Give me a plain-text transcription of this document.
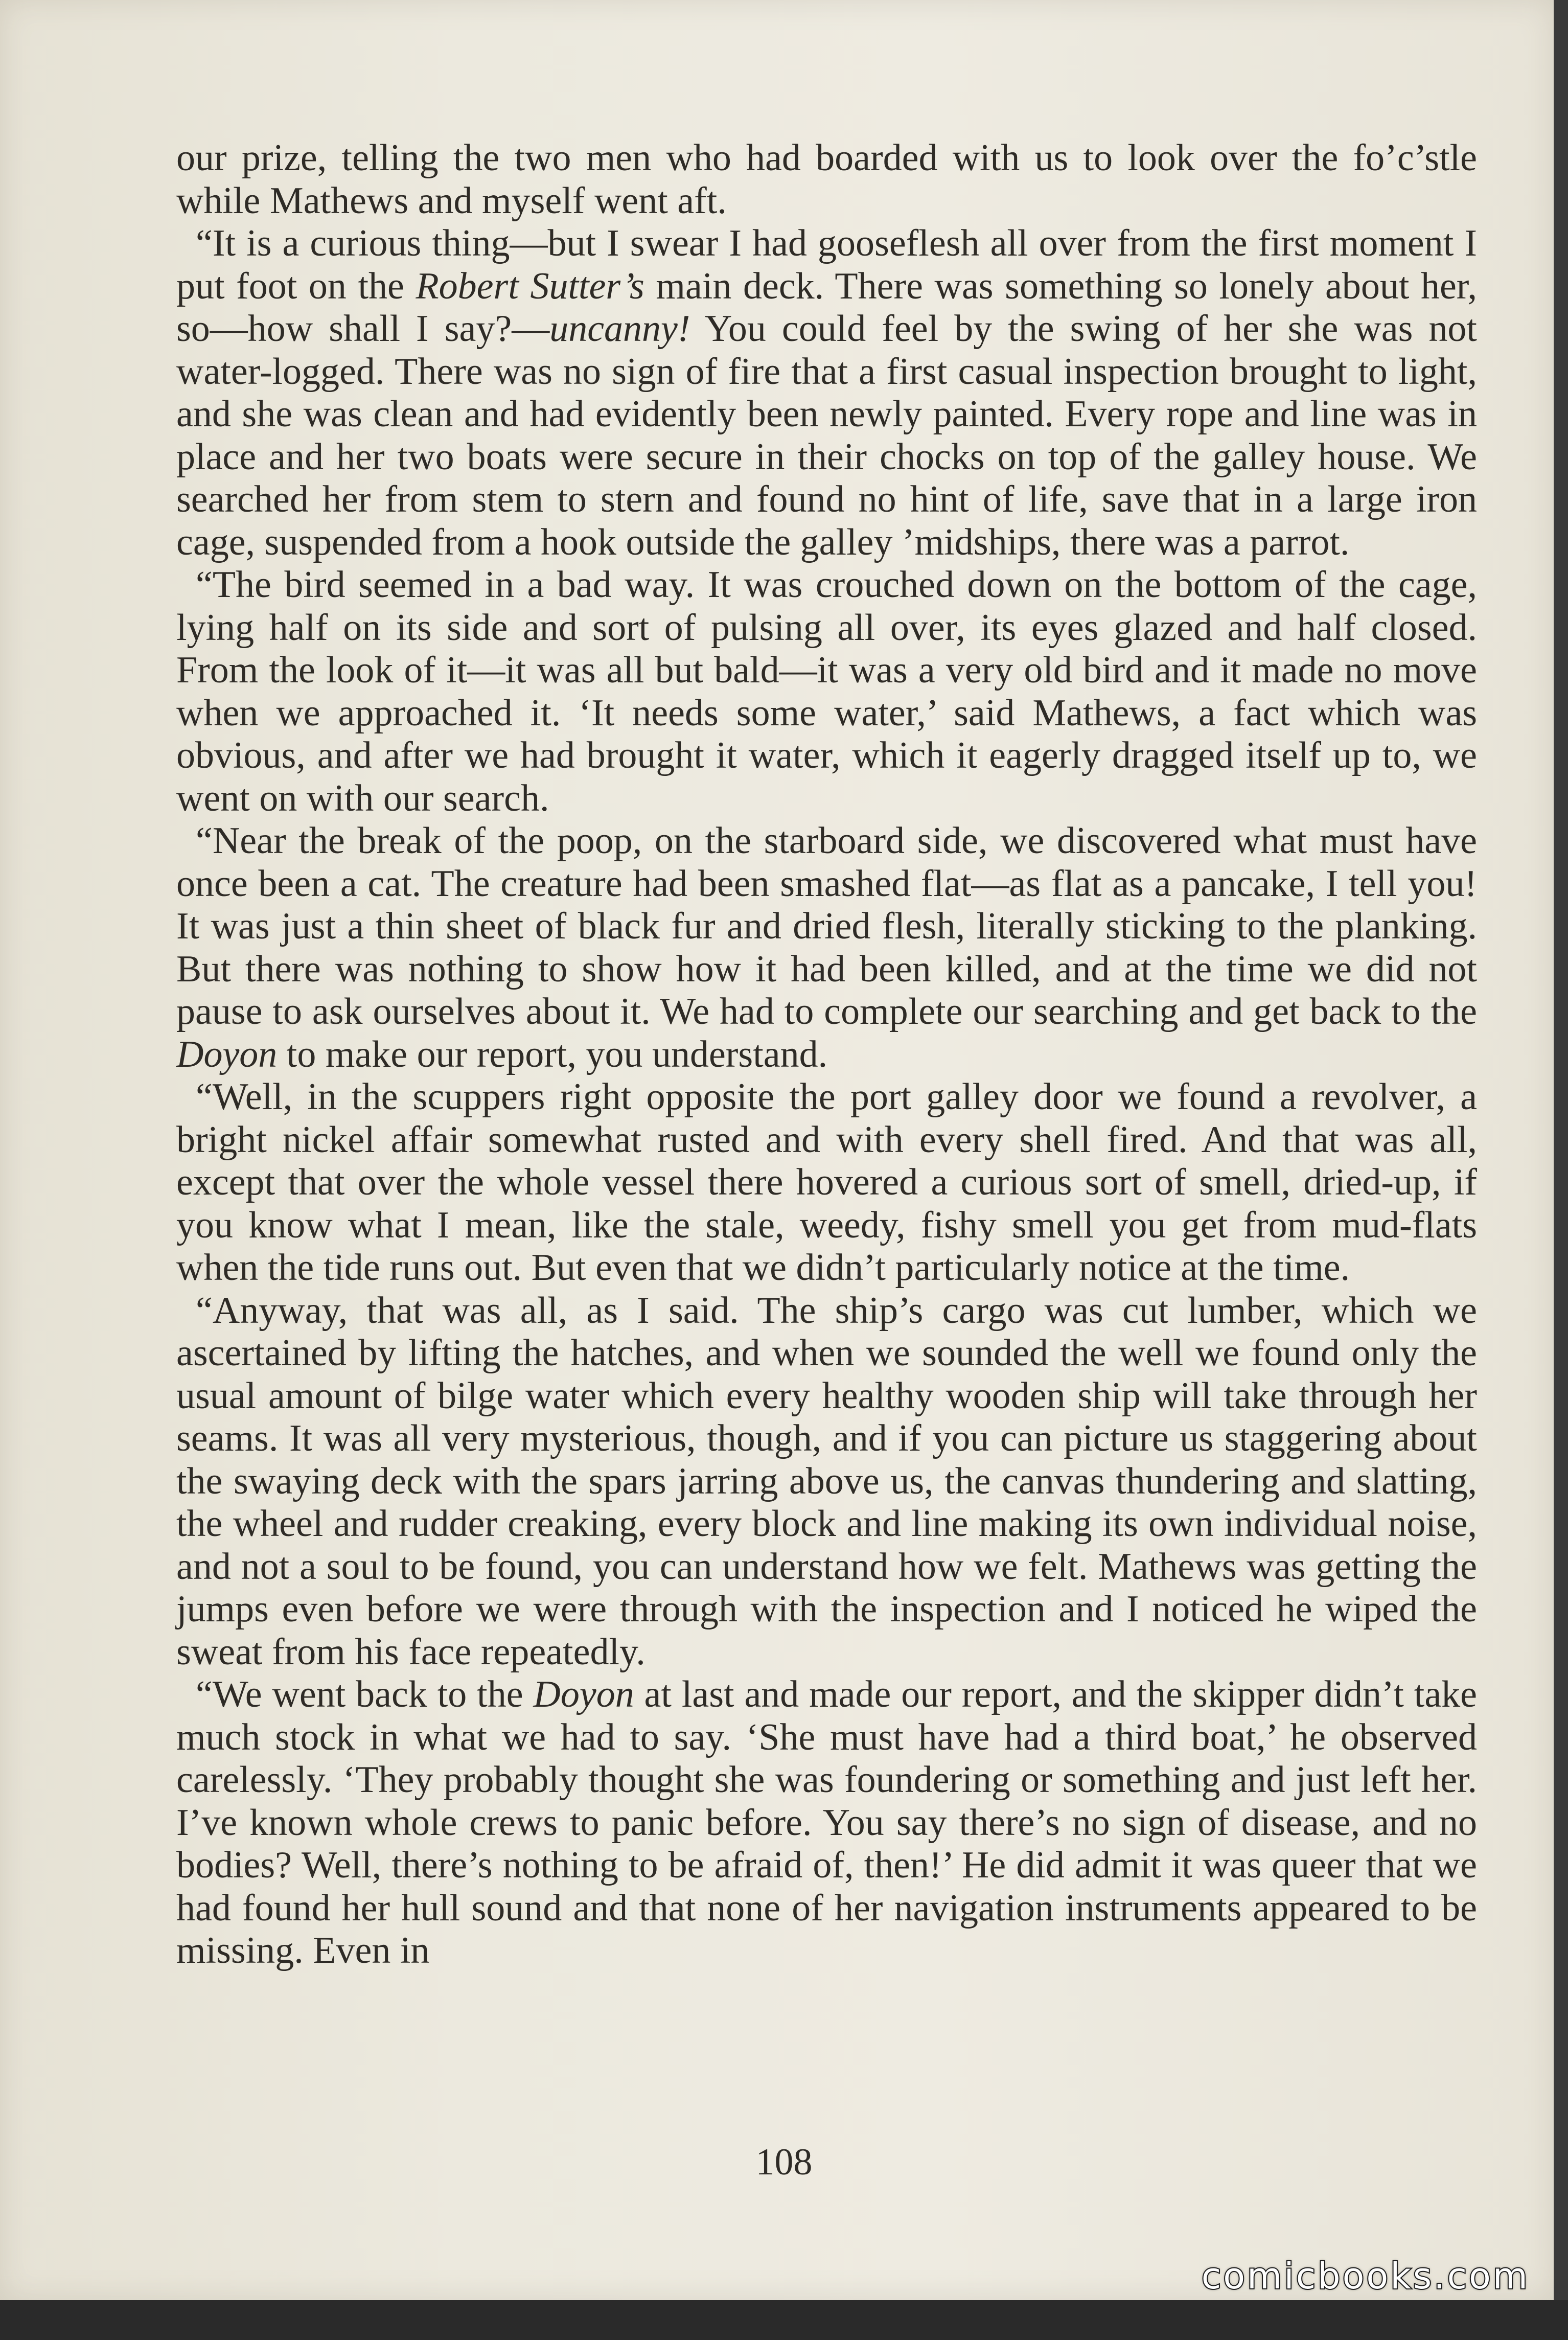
our prize, telling the two men who had boarded with us to look over the fo’c’stle while Mathews and myself went aft.

“It is a curious thing—but I swear I had gooseflesh all over from the first moment I put foot on the Robert Sutter’s main deck. There was something so lonely about her, so—how shall I say?—uncanny! You could feel by the swing of her she was not water-logged. There was no sign of fire that a first casual inspection brought to light, and she was clean and had evidently been newly painted. Every rope and line was in place and her two boats were secure in their chocks on top of the galley house. We searched her from stem to stern and found no hint of life, save that in a large iron cage, suspended from a hook outside the galley ’midships, there was a parrot.

“The bird seemed in a bad way. It was crouched down on the bottom of the cage, lying half on its side and sort of pulsing all over, its eyes glazed and half closed. From the look of it—it was all but bald—it was a very old bird and it made no move when we approached it. ‘It needs some water,’ said Mathews, a fact which was obvious, and after we had brought it water, which it eagerly dragged itself up to, we went on with our search.

“Near the break of the poop, on the starboard side, we discovered what must have once been a cat. The creature had been smashed flat—as flat as a pancake, I tell you! It was just a thin sheet of black fur and dried flesh, literally sticking to the planking. But there was nothing to show how it had been killed, and at the time we did not pause to ask ourselves about it. We had to complete our searching and get back to the Doyon to make our report, you understand.

“Well, in the scuppers right opposite the port galley door we found a revolver, a bright nickel affair somewhat rusted and with every shell fired. And that was all, except that over the whole vessel there hovered a curious sort of smell, dried-up, if you know what I mean, like the stale, weedy, fishy smell you get from mud-flats when the tide runs out. But even that we didn’t particularly notice at the time.

“Anyway, that was all, as I said. The ship’s cargo was cut lumber, which we ascertained by lifting the hatches, and when we sounded the well we found only the usual amount of bilge water which every healthy wooden ship will take through her seams. It was all very mysterious, though, and if you can picture us staggering about the swaying deck with the spars jarring above us, the canvas thundering and slatting, the wheel and rudder creaking, every block and line making its own individual noise, and not a soul to be found, you can understand how we felt. Mathews was getting the jumps even before we were through with the inspection and I noticed he wiped the sweat from his face repeatedly.

“We went back to the Doyon at last and made our report, and the skipper didn’t take much stock in what we had to say. ‘She must have had a third boat,’ he observed carelessly. ‘They probably thought she was foundering or something and just left her. I’ve known whole crews to panic before. You say there’s no sign of disease, and no bodies? Well, there’s nothing to be afraid of, then!’ He did admit it was queer that we had found her hull sound and that none of her navigation instruments appeared to be missing. Even in

108
comicbooks.com
